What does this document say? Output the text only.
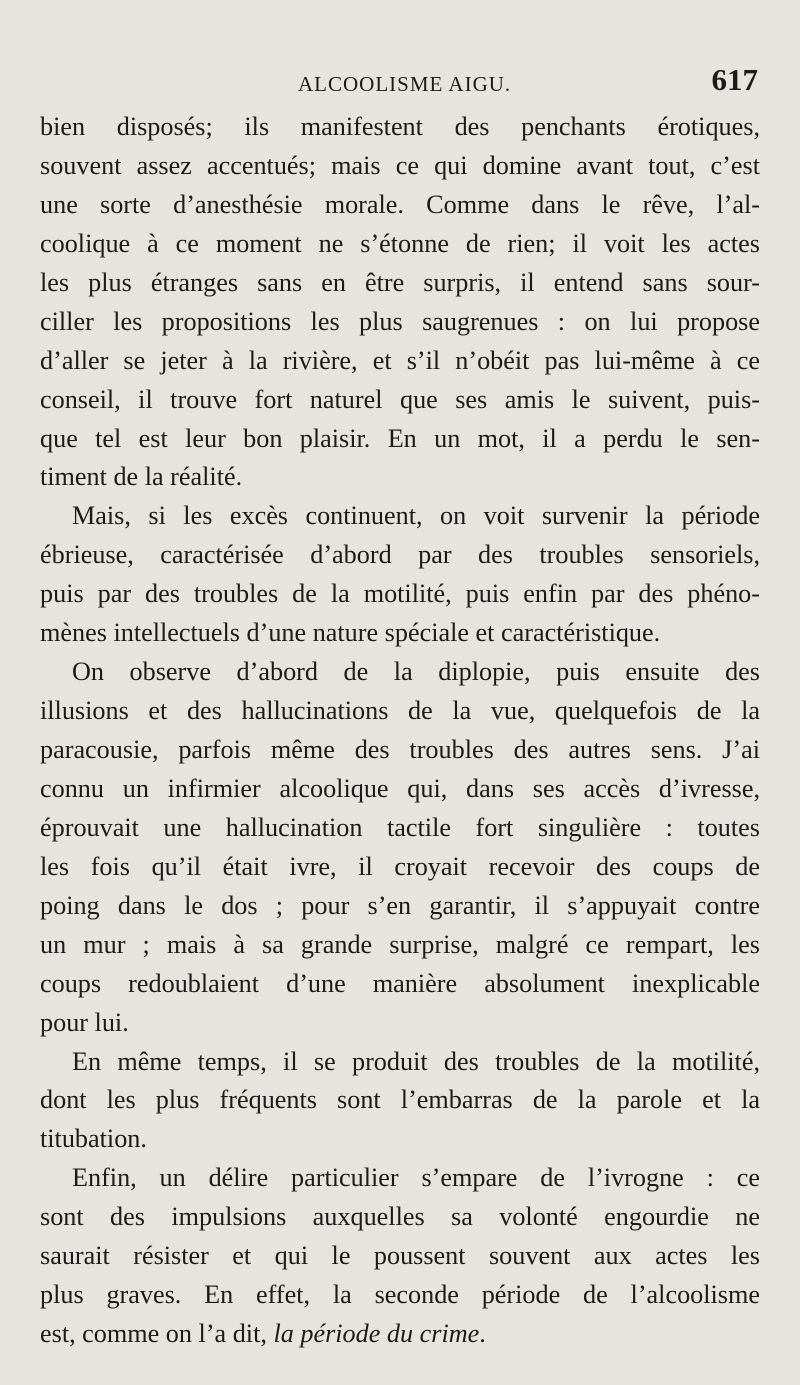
ALCOOLISME AIGU.	617
bien disposés; ils manifestent des penchants érotiques,
souvent assez accentués; mais ce qui domine avant tout, c’est
une sorte d’anesthésie morale. Comme dans le rêve, l’al-
coolique à ce moment ne s’étonne de rien; il voit les actes
les plus étranges sans en être surpris, il entend sans sour-
ciller les propositions les plus saugrenues : on lui propose
d’aller se jeter à la rivière, et s’il n’obéit pas lui-même à ce
conseil, il trouve fort naturel que ses amis le suivent, puis-
que tel est leur bon plaisir. En un mot, il a perdu le sen-
timent de la réalité.
Mais, si les excès continuent, on voit survenir la période
ébrieuse, caractérisée d’abord par des troubles sensoriels,
puis par des troubles de la motilité, puis enfin par des phéno-
mènes intellectuels d’une nature spéciale et caractéristique.
On observe d’abord de la diplopie, puis ensuite des
illusions et des hallucinations de la vue, quelquefois de la
paracousie, parfois même des troubles des autres sens. J’ai
connu un infirmier alcoolique qui, dans ses accès d’ivresse,
éprouvait une hallucination tactile fort singulière : toutes
les fois qu’il était ivre, il croyait recevoir des coups de
poing dans le dos ; pour s’en garantir, il s’appuyait contre
un mur ; mais à sa grande surprise, malgré ce rempart, les
coups redoublaient d’une manière absolument inexplicable
pour lui.
En même temps, il se produit des troubles de la motilité,
dont les plus fréquents sont l’embarras de la parole et la
titubation.
Enfin, un délire particulier s’empare de l’ivrogne : ce
sont des impulsions auxquelles sa volonté engourdie ne
saurait résister et qui le poussent souvent aux actes les
plus graves. En effet, la seconde période de l’alcoolisme
est, comme on l’a dit, la période du crime.
